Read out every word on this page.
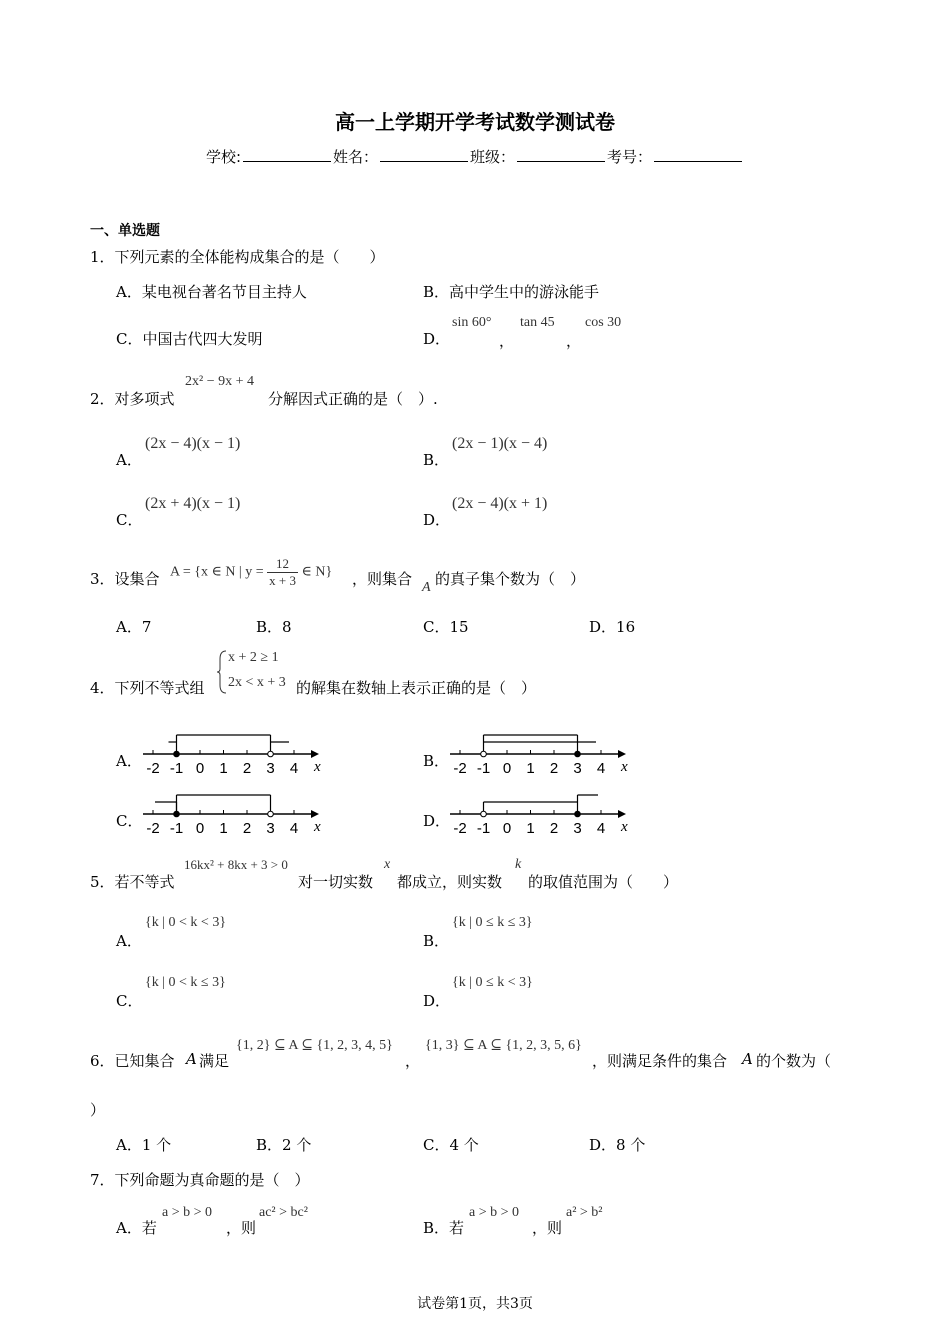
高一上学期开学考试数学测试卷
学校:	姓名：	班级：	考号：
一、单选题
1．下列元素的全体能构成集合的是（　　）
A．某电视台著名节目主持人	B．高中学生中的游泳能手
C．中国古代四大发明	D．
sin 60°
，
tan 45
，
cos 30
2．对多项式
2x² − 9x + 4
分解因式正确的是（　）.
A．
(2x − 4)(x − 1)
B．
(2x − 1)(x − 4)
C．
(2x + 4)(x − 1)
D．
(2x − 4)(x + 1)
3．设集合 A = {x ∈ N | $y = \frac{12}{x + 3}$ ∈ N} ，则集合 A 的真子集个数为（　）
A．7	B．8	C．15	D．16
4．下列不等式组
x + 2 ≥ 1
2x < x + 3 的解集在数轴上表示正确的是（　）
A． -2 -1 0 1 2 3 4 x	B． -2 -1 0 1 2 3 4 x
C． -2 -1 0 1 2 3 4 x	D． -2 -1 0 1 2 3 4 x
5．若不等式
16kx² + 8kx + 3 > 0
对一切实数
x
都成立，则实数
k
的取值范围为（　　）
A．
{k | 0 < k < 3}
B．
{k | 0 ≤ k ≤ 3}
C．
{k | 0 < k ≤ 3}
D．
{k | 0 ≤ k < 3}
6．已知集合 A 满足
{1, 2} ⊆ A ⊆ {1, 2, 3, 4, 5}
，
{1, 3} ⊆ A ⊆ {1, 2, 3, 5, 6}
，则满足条件的集合 A 的个数为（
）
A．1 个	B．2 个	C．4 个	D．8 个
7．下列命题为真命题的是（　）
A．若
a > b > 0
，则
ac² > bc²
B．若
a > b > 0
，则
a² > b²
试卷第1页，共3页
